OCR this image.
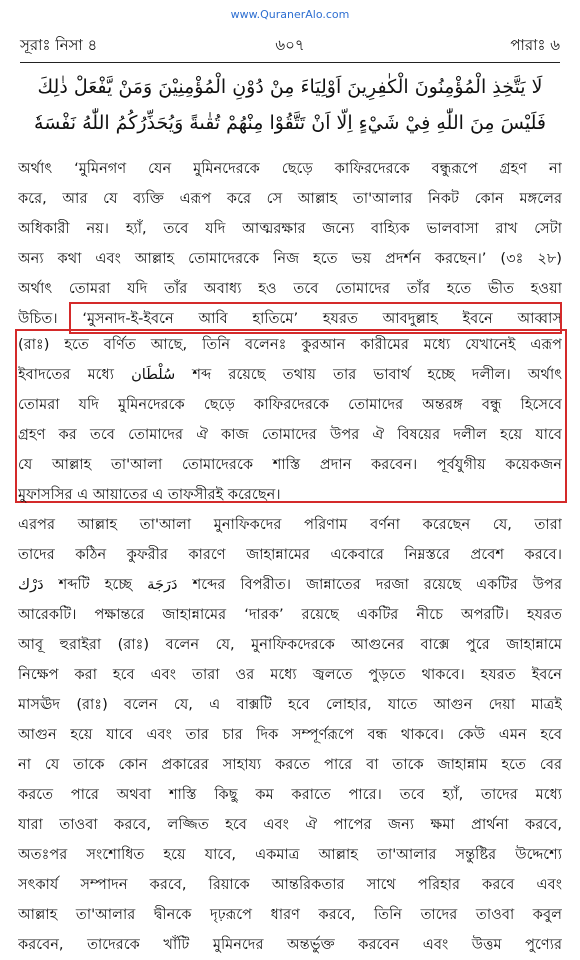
www.QuranerAlo.com
সূরাঃ নিসা ৪	৬০৭	পারাঃ ৬
لَا يَتَّخِذِ الْمُؤْمِنُونَ الْكٰفِرِينَ اَوْلِيَاءَ مِنْ دُوْنِ الْمُؤْمِنِيْنَ وَمَنْ يَّفْعَلْ ذٰلِكَ
فَلَيْسَ مِنَ اللّٰهِ فِيْ شَيْءٍ اِلَّا اَنْ تَتَّقُوْا مِنْهُمْ تُقٰىةً وَيُحَذِّرُكُمُ اللّٰهُ نَفْسَهٗ
অর্থাৎ ‘মুমিনগণ যেন মুমিনদেরকে ছেড়ে কাফিরদেরকে বন্ধুরূপে গ্রহণ না
করে, আর যে ব্যক্তি এরূপ করে সে আল্লাহ তা'আলার নিকট কোন মঙ্গলের
অধিকারী নয়। হ্যাঁ, তবে যদি আত্মরক্ষার জন্যে বাহ্যিক ভালবাসা রাখ সেটা
অন্য কথা এবং আল্লাহ তোমাদেরকে নিজ হতে ভয় প্রদর্শন করছেন।’ (৩ঃ ২৮)
অর্থাৎ তোমরা যদি তাঁর অবাধ্য হও তবে তোমাদের তাঁর হতে ভীত হওয়া
উচিত। ‘মুসনাদ-ই-ইবনে আবি হাতিমে’ হযরত আবদুল্লাহ ইবনে আব্বাস
(রাঃ) হতে বর্ণিত আছে, তিনি বলেনঃ কুরআন কারীমের মধ্যে যেখানেই এরূপ
ইবাদতের মধ্যে سُلْطَان শব্দ রয়েছে তথায় তার ভাবার্থ হচ্ছে দলীল। অর্থাৎ
তোমরা যদি মুমিনদেরকে ছেড়ে কাফিরদেরকে তোমাদের অন্তরঙ্গ বন্ধু হিসেবে
গ্রহণ কর তবে তোমাদের ঐ কাজ তোমাদের উপর ঐ বিষয়ের দলীল হয়ে যাবে
যে আল্লাহ তা'আলা তোমাদেরকে শাস্তি প্রদান করবেন। পূর্বযুগীয় কয়েকজন
মুফাসসির এ আয়াতের এ তাফসীরই করেছেন।
এরপর আল্লাহ তা'আলা মুনাফিকদের পরিণাম বর্ণনা করেছেন যে, তারা
তাদের কঠিন কুফরীর কারণে জাহান্নামের একেবারে নিম্নস্তরে প্রবেশ করবে।
دَرْك শব্দটি হচ্ছে دَرَجَة শব্দের বিপরীত। জান্নাতের দরজা রয়েছে একটির উপর
আরেকটি। পক্ষান্তরে জাহান্নামের ‘দারক’ রয়েছে একটির নীচে অপরটি। হযরত
আবূ হুরাইরা (রাঃ) বলেন যে, মুনাফিকদেরকে আগুনের বাক্সে পুরে জাহান্নামে
নিক্ষেপ করা হবে এবং তারা ওর মধ্যে জ্বলতে পুড়তে থাকবে। হযরত ইবনে
মাসঊদ (রাঃ) বলেন যে, এ বাক্সটি হবে লোহার, যাতে আগুন দেয়া মাত্রই
আগুন হয়ে যাবে এবং তার চার দিক সম্পূর্ণরূপে বন্ধ থাকবে। কেউ এমন হবে
না যে তাকে কোন প্রকারের সাহায্য করতে পারে বা তাকে জাহান্নাম হতে বের
করতে পারে অথবা শাস্তি কিছু কম করাতে পারে। তবে হ্যাঁ, তাদের মধ্যে
যারা তাওবা করবে, লজ্জিত হবে এবং ঐ পাপের জন্য ক্ষমা প্রার্থনা করবে,
অতঃপর সংশোধিত হয়ে যাবে, একমাত্র আল্লাহ তা'আলার সন্তুষ্টির উদ্দেশ্যে
সৎকার্য সম্পাদন করবে, রিয়াকে আন্তরিকতার সাথে পরিহার করবে এবং
আল্লাহ তা'আলার দ্বীনকে দৃঢ়রূপে ধারণ করবে, তিনি তাদের তাওবা কবুল
করবেন, তাদেরকে খাঁটি মুমিনদের অন্তর্ভুক্ত করবেন এবং উত্তম পুণ্যের
